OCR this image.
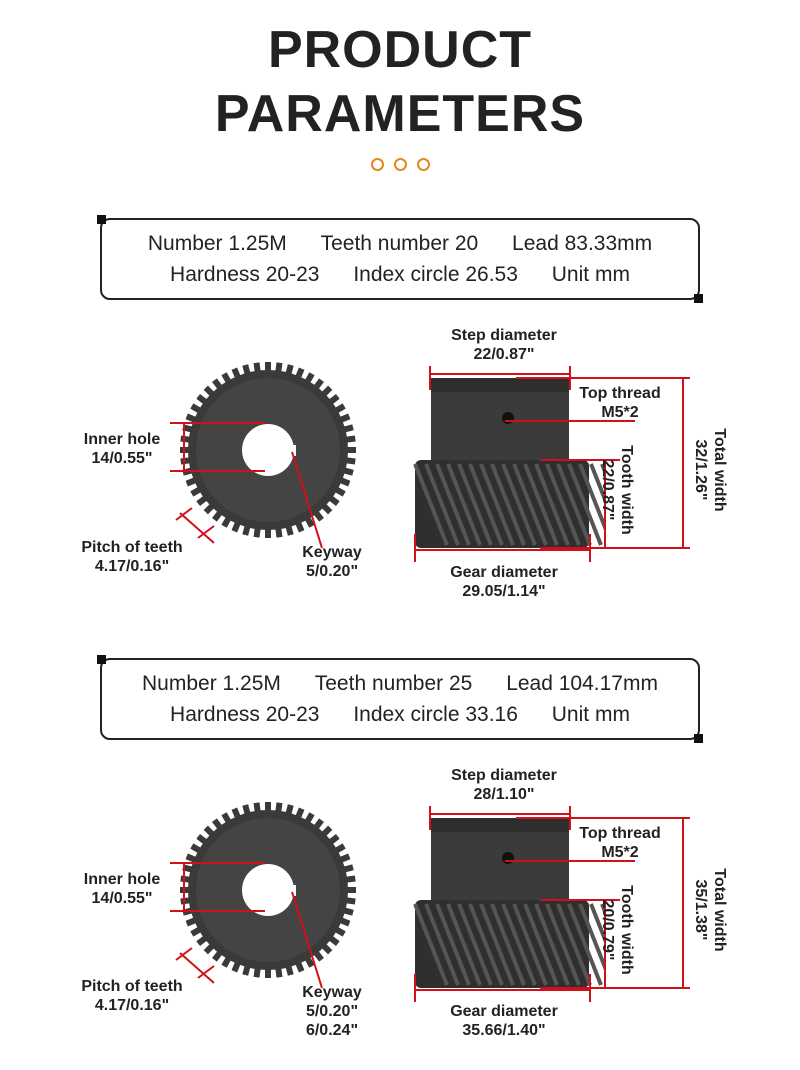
PRODUCT
PARAMETERS
Number 1.25M Teeth number 20 Lead 83.33mm
Hardness 20-23 Index circle 26.53 Unit mm
Inner hole
14/0.55"
Pitch of teeth
4.17/0.16"
Keyway
5/0.20"
Step diameter
22/0.87"
Top thread
M5*2
Tooth width
22/0.87"	Total width
32/1.26"
Gear diameter
29.05/1.14"
Number 1.25M Teeth number 25 Lead 104.17mm
Hardness 20-23 Index circle 33.16 Unit mm
Inner hole
14/0.55"
Pitch of teeth
4.17/0.16"
Keyway
5/0.20"
6/0.24"
Step diameter
28/1.10"
Top thread
M5*2
Tooth width
20/0.79"	Total width
35/1.38"
Gear diameter
35.66/1.40"
